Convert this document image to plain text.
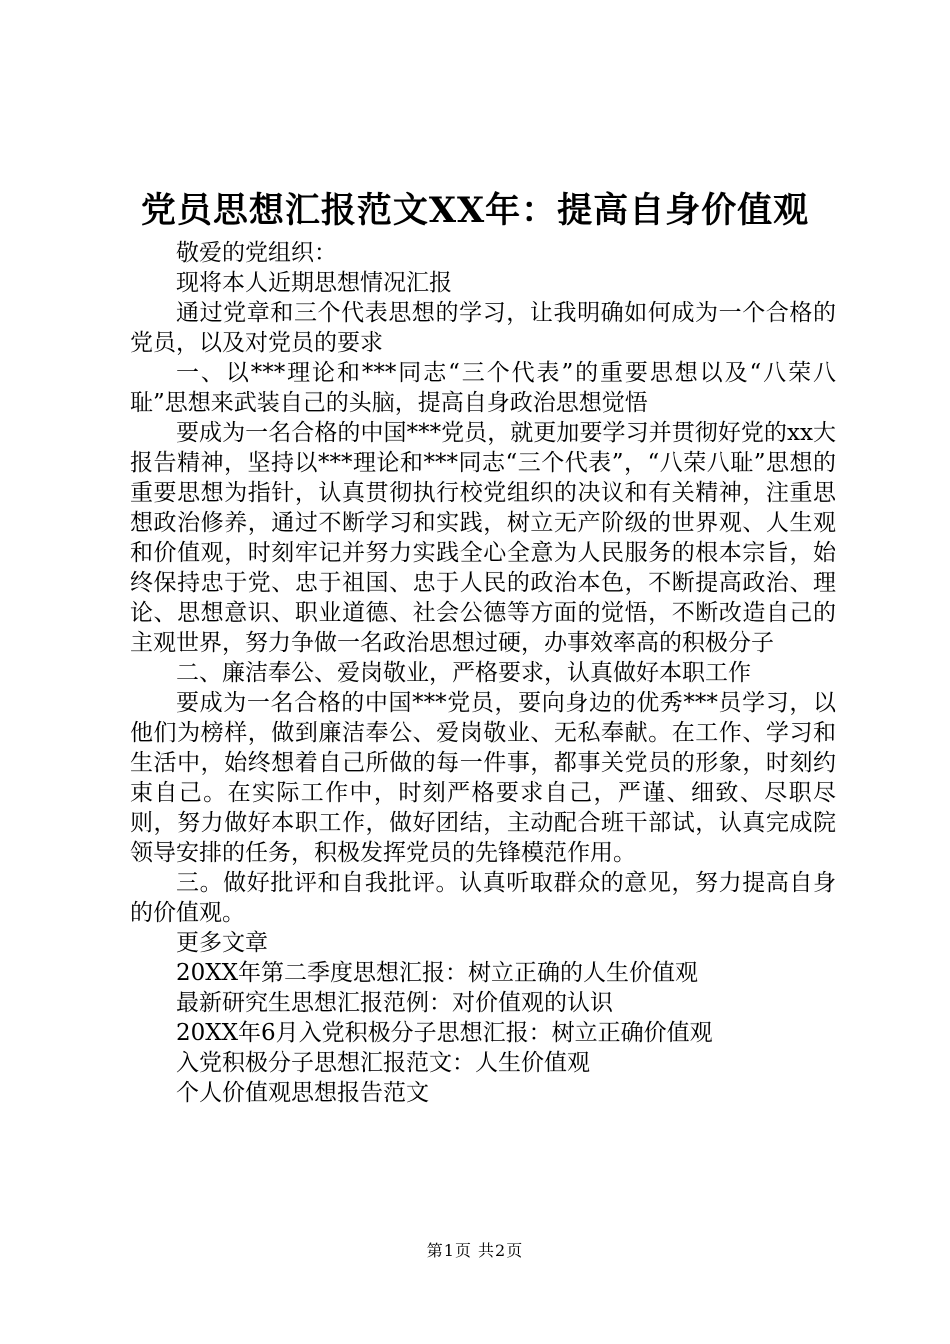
党员思想汇报范文XX年：提高自身价值观

敬爱的党组织：

现将本人近期思想情况汇报

通过党章和三个代表思想的学习，让我明确如何成为一个合格的党员，以及对党员的要求

一、以***理论和***同志“三个代表”的重要思想以及“八荣八耻”思想来武装自己的头脑，提高自身政治思想觉悟

要成为一名合格的中国***党员，就更加要学习并贯彻好党的xx大报告精神，坚持以***理论和***同志“三个代表”，“八荣八耻”思想的重要思想为指针，认真贯彻执行校党组织的决议和有关精神，注重思想政治修养，通过不断学习和实践，树立无产阶级的世界观、人生观和价值观，时刻牢记并努力实践全心全意为人民服务的根本宗旨，始终保持忠于党、忠于祖国、忠于人民的政治本色，不断提高政治、理论、思想意识、职业道德、社会公德等方面的觉悟，不断改造自己的主观世界，努力争做一名政治思想过硬，办事效率高的积极分子

二、廉洁奉公、爱岗敬业，严格要求，认真做好本职工作

要成为一名合格的中国***党员，要向身边的优秀***员学习，以他们为榜样，做到廉洁奉公、爱岗敬业、无私奉献。在工作、学习和生活中，始终想着自己所做的每一件事，都事关党员的形象，时刻约束自己。在实际工作中，时刻严格要求自己，严谨、细致、尽职尽则，努力做好本职工作，做好团结，主动配合班干部试，认真完成院领导安排的任务，积极发挥党员的先锋模范作用。

三。做好批评和自我批评。认真听取群众的意见，努力提高自身的价值观。

更多文章

20XX年第二季度思想汇报：树立正确的人生价值观
最新研究生思想汇报范例：对价值观的认识
20XX年6月入党积极分子思想汇报：树立正确价值观
入党积极分子思想汇报范文：人生价值观
个人价值观思想报告范文
第1页 共2页
